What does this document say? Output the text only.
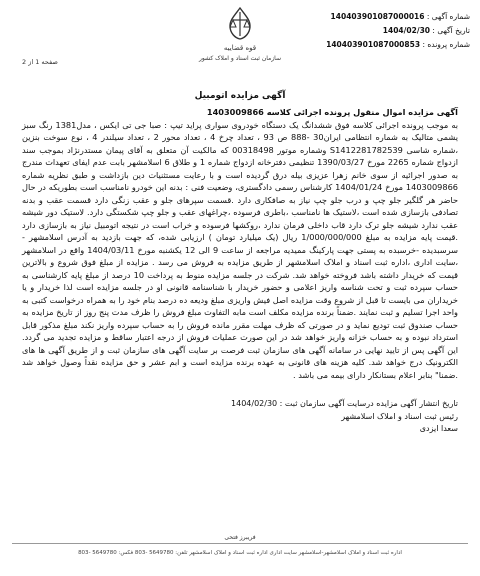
قوه قضاییه
سازمان ثبت اسناد و املاک کشور
شماره آگهی : 140403901087000016
تاریخ آگهی : 1404/02/30
شماره پرونده : 140403901087000853
صفحه 1 از 2
آگهی مزایده اتومبیل

آگهی مزایده اموال منقول پرونده اجرائی کلاسه 1403009866

به موجب پرونده اجرائی کلاسه فوق ششدانگ یک دستگاه خودروی سواری پراید تیپ : صبا جی تی ایکس ، مدل1381 رنگ سبز یشمی متالیک به شماره انتظامی ایران30 -888 ص 93 ، تعداد چرخ 4 ، تعداد محور 2 ، تعداد سیلندر 4 ، نوع سوخت بنزین ،شماره شاسی S1412281782539 وشماره موتور 00318498 که مالکیت آن متعلق به آقای پیمان مستدرنژاد بموجب سند ازدواج شماره 2265 مورخ 1390/03/27 تنظیمی دفترخانه ازدواج شماره 1 و طلاق 6 اسلامشهر بابت عدم ایفای تعهدات مندرج به صدور اجرائیه از سوی خانم زهرا عزیزی بیله درق گردیده است و با رعایت مستثنیات دین بازداشت و طبق نظریه شماره 1403009866 مورخ 1404/01/24 کارشناس رسمی دادگستری، وضعیت فنی : بدنه این خودرو نامناسب است بطوریکه در حال حاضر هر گلگیر جلو چپ و درب جلو چپ نیاز به صافکاری دارد .قسمت سپرهای جلو و عقب زنگی دارد قسمت عقب و بدنه تصادفی بازسازی شده است ،لاستیک ها نامناسب ،باطری فرسوده ،چراغهای عقب و جلو چپ شکستگی دارد. لاستیک دور شیشه عقب ندارد شیشه جلو ترک دارد قاب داخلی فرمان ندارد ،روکشها فرسوده و خراب است در نتیجه اتومبیل نیاز به بازسازی دارد .قیمت پایه مزایده به مبلغ 1/000/000/000 ریال (یک میلیارد تومان ) ارزیابی شده، که جهت بازدید به آدرس اسلامشهر - سرسبدیده -خرسبده به پستی جهت پارکینگ ممیدیه مراجعه از ساعت 9 الی 12 یکشنبه مورخ 1404/03/11 واقع در اسلامشهر ،سایت اداری ،اداره ثبت اسناد و املاک اسلامشهر از طریق مزایده به فروش می رسد . مزایده از مبلغ فوق شروع و بالاترین قیمت که خریدار داشته باشد فروخته خواهد شد. شرکت در جلسه مزایده منوط به پرداخت 10 درصد از مبلغ پایه کارشناسی به حساب سپرده ثبت و تحت شناسه واریز اعلامی و حضور خریدار با شناسنامه قانونی او در جلسه مزایده است لذا خریدار و یا خریداران می بایست تا قبل از شروع وقت مزایده اصل فیش واریزی مبلغ ودیعه ده درصد بنام خود را به همراه درخواست کتبی به واحد اجرا تسلیم و ثبت نمایند .ضمناً برنده مزایده مکلف است مابه التفاوت مبلغ فروش را ظرف مدت پنج روز از تاریخ مزایده به حساب صندوق ثبت تودیع نماید و در صورتی که ظرف مهلت مقرر مانده فروش را به حساب سپرده واریز نکند مبلغ مذکور قابل استرداد نبوده و به حساب خزانه واریز خواهد شد در این صورت عملیات فروش از درجه اعتبار ساقط و مزایده تجدید می گردد. این آگهی پس از تایید نهایی در سامانه آگهی های سازمان ثبت فرصت بر سایت آگهی های سازمان ثبت و از طریق آگهی ها های الکترونیک درج خواهد شد. کلیه هزینه های قانونی به عهده برنده مزایده است و ابم عشر و حق مزایده نقداً وصول خواهد شد .ضمنا" بنابر اعلام بستانکار دارای بیمه می باشد .

تاریخ انتشار آگهی مزایده درسایت آگهی سازمان ثبت : 1404/02/30
رئیس ثبت اسناد و املاک اسلامشهر
سعدا ایزدی
فریبرز فتحی
اداره ثبت اسناد و املاک اسلامشهر-اسلامشهر سایت اداری اداره ثبت اسناد و املاک اسلامشهر تلفن: 5649780 -803 فکس: 5649780 -803
